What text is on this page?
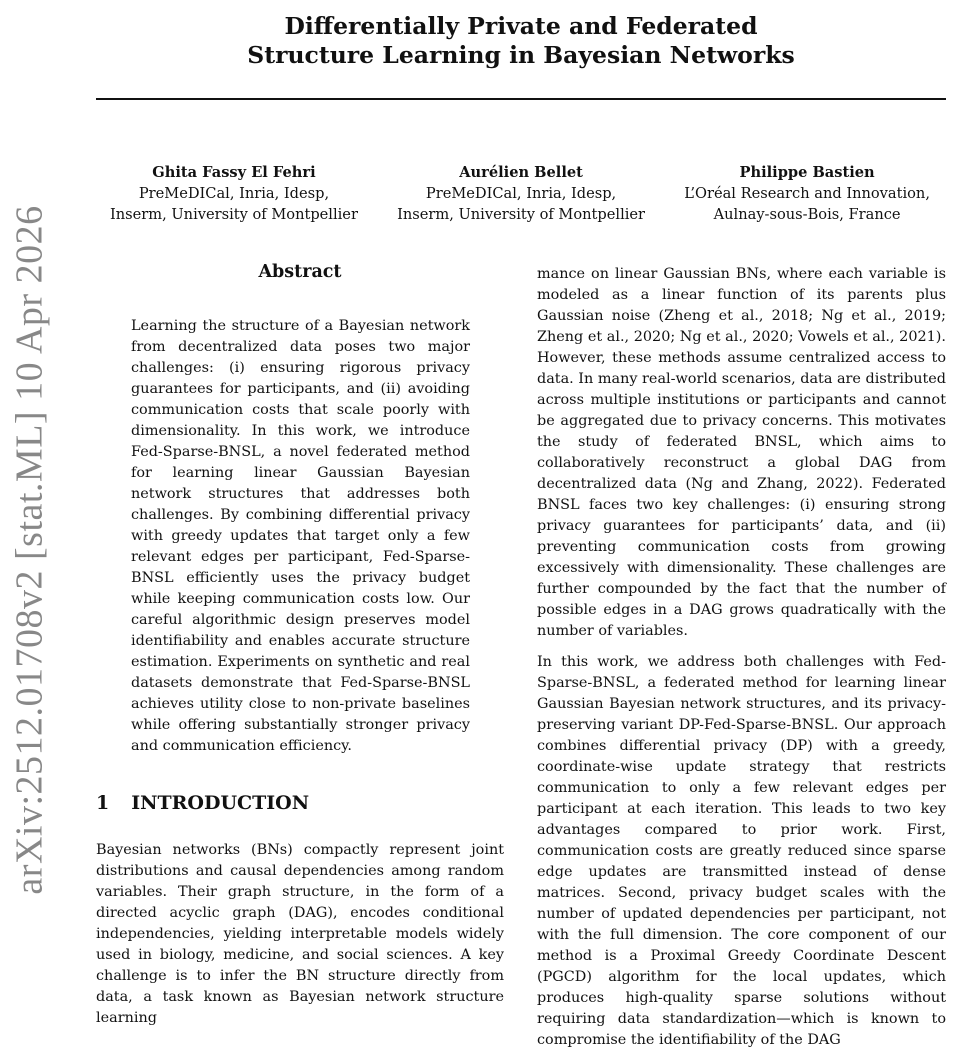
arXiv:2512.01708v2 [stat.ML] 10 Apr 2026
Differentially Private and Federated
Structure Learning in Bayesian Networks
Ghita Fassy El Fehri
PreMeDICal, Inria, Idesp,
Inserm, University of Montpellier
Aurélien Bellet
PreMeDICal, Inria, Idesp,
Inserm, University of Montpellier
Philippe Bastien
L’Oréal Research and Innovation,
Aulnay-sous-Bois, France
Abstract
Learning the structure of a Bayesian network from decentralized data poses two major challenges: (i) ensuring rigorous privacy guarantees for participants, and (ii) avoiding communication costs that scale poorly with dimensionality. In this work, we introduce Fed-Sparse-BNSL, a novel federated method for learning linear Gaussian Bayesian network structures that addresses both challenges. By combining differential privacy with greedy updates that target only a few relevant edges per participant, Fed-Sparse-BNSL efficiently uses the privacy budget while keeping communication costs low. Our careful algorithmic design preserves model identifiability and enables accurate structure estimation. Experiments on synthetic and real datasets demonstrate that Fed-Sparse-BNSL achieves utility close to non-private baselines while offering substantially stronger privacy and communication efficiency.
1 INTRODUCTION
Bayesian networks (BNs) compactly represent joint distributions and causal dependencies among random variables. Their graph structure, in the form of a directed acyclic graph (DAG), encodes conditional independencies, yielding interpretable models widely used in biology, medicine, and social sciences. A key challenge is to infer the BN structure directly from data, a task known as Bayesian network structure learning

mance on linear Gaussian BNs, where each variable is modeled as a linear function of its parents plus Gaussian noise (Zheng et al., 2018; Ng et al., 2019; Zheng et al., 2020; Ng et al., 2020; Vowels et al., 2021). However, these methods assume centralized access to data. In many real-world scenarios, data are distributed across multiple institutions or participants and cannot be aggregated due to privacy concerns. This motivates the study of federated BNSL, which aims to collaboratively reconstruct a global DAG from decentralized data (Ng and Zhang, 2022). Federated BNSL faces two key challenges: (i) ensuring strong privacy guarantees for participants’ data, and (ii) preventing communication costs from growing excessively with dimensionality. These challenges are further compounded by the fact that the number of possible edges in a DAG grows quadratically with the number of variables.

In this work, we address both challenges with Fed-Sparse-BNSL, a federated method for learning linear Gaussian Bayesian network structures, and its privacy-preserving variant DP-Fed-Sparse-BNSL. Our approach combines differential privacy (DP) with a greedy, coordinate-wise update strategy that restricts communication to only a few relevant edges per participant at each iteration. This leads to two key advantages compared to prior work. First, communication costs are greatly reduced since sparse edge updates are transmitted instead of dense matrices. Second, privacy budget scales with the number of updated dependencies per participant, not with the full dimension. The core component of our method is a Proximal Greedy Coordinate Descent (PGCD) algorithm for the local updates, which produces high-quality sparse solutions without requiring data standardization—which is known to compromise the identifiability of the DAG
